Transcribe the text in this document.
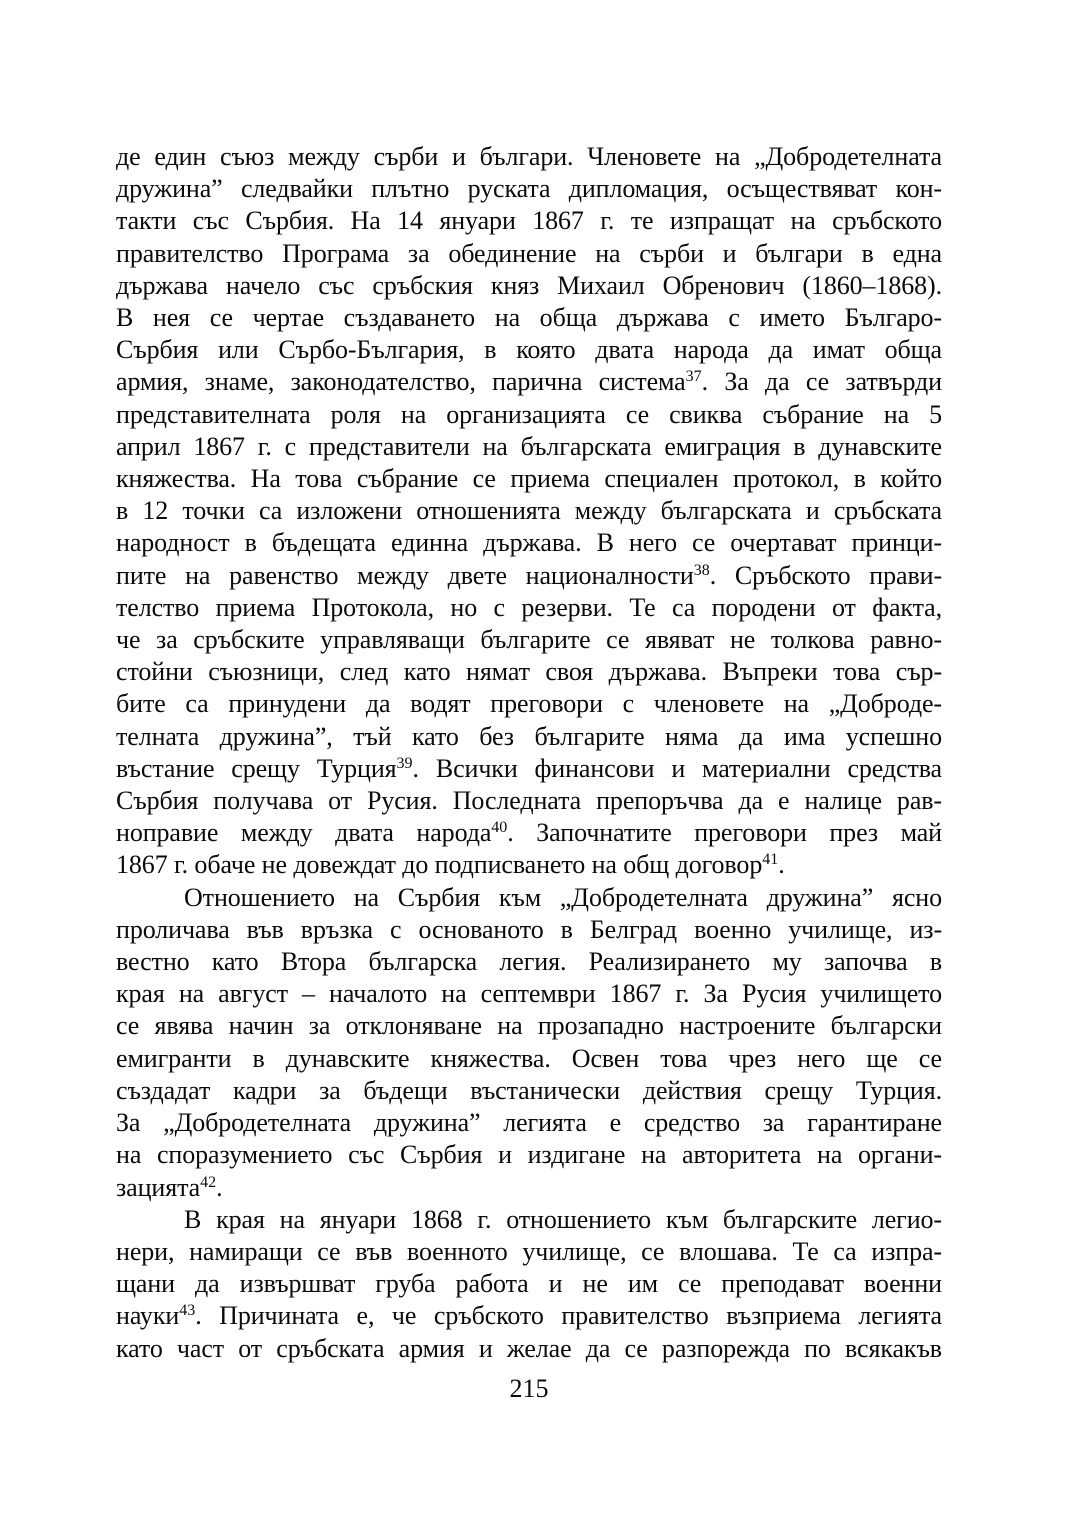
де един съюз между сърби и българи. Членовете на „Добродетелната
дружина” следвайки плътно руската дипломация, осъществяват кон-
такти със Сърбия. На 14 януари 1867 г. те изпращат на сръбското
правителство Програма за обединение на сърби и българи в една
държава начело със сръбския княз Михаил Обренович (1860–1868).
В нея се чертае създаването на обща държава с името Българо-
Сърбия или Сърбо-България, в която двата народа да имат обща
армия, знаме, законодателство, парична система$^{37}$. За да се затвърди
представителната роля на организацията се свиква събрание на 5
април 1867 г. с представители на българската емиграция в дунавските
княжества. На това събрание се приема специален протокол, в който
в 12 точки са изложени отношенията между българската и сръбската
народност в бъдещата единна държава. В него се очертават принци-
пите на равенство между двете националности$^{38}$. Сръбското прави-
телство приема Протокола, но с резерви. Те са породени от факта,
че за сръбските управляващи българите се явяват не толкова равно-
стойни съюзници, след като нямат своя държава. Въпреки това сър-
бите са принудени да водят преговори с членовете на „Доброде-
телната дружина”, тъй като без българите няма да има успешно
въстание срещу Турция$^{39}$. Всички финансови и материални средства
Сърбия получава от Русия. Последната препоръчва да е налице рав-
ноправие между двата народа$^{40}$. Започнатите преговори през май
1867 г. обаче не довеждат до подписването на общ договор$^{41}$.
Отношението на Сърбия към „Добродетелната дружина” ясно
проличава във връзка с основаното в Белград военно училище, из-
вестно като Втора българска легия. Реализирането му започва в
края на август – началото на септември 1867 г. За Русия училището
се явява начин за отклоняване на прозападно настроените български
емигранти в дунавските княжества. Освен това чрез него ще се
създадат кадри за бъдещи въстанически действия срещу Турция.
За „Добродетелната дружина” легията е средство за гарантиране
на споразумението със Сърбия и издигане на авторитета на органи-
зацията$^{42}$.
В края на януари 1868 г. отношението към българските легио-
нери, намиращи се във военното училище, се влошава. Те са изпра-
щани да извършват груба работа и не им се преподават военни
науки$^{43}$. Причината е, че сръбското правителство възприема легията
като част от сръбската армия и желае да се разпорежда по всякакъв
215
